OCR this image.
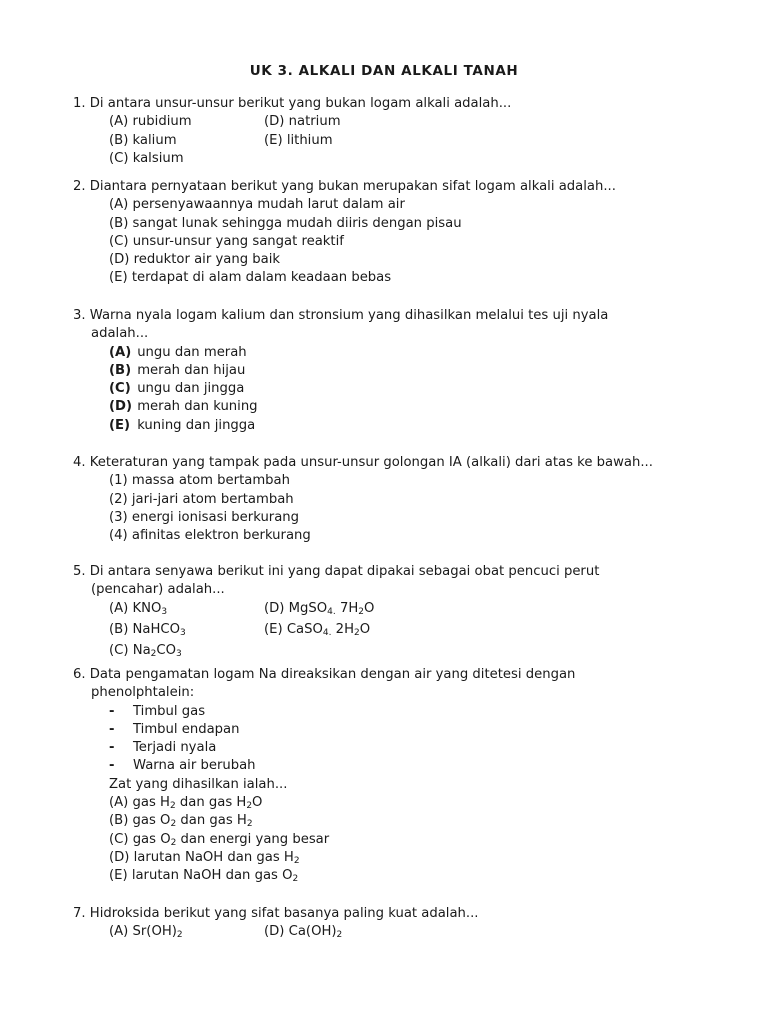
UK 3. ALKALI DAN ALKALI TANAH
1. Di antara unsur-unsur berikut yang bukan logam alkali adalah...
(A) rubidium	(D) natrium
(B) kalium	(E) lithium
(C) kalsium
2. Diantara pernyataan berikut yang bukan merupakan sifat logam alkali adalah...
(A) persenyawaannya mudah larut dalam air
(B) sangat lunak sehingga mudah diiris dengan pisau
(C) unsur-unsur yang sangat reaktif
(D) reduktor air yang baik
(E) terdapat di alam dalam keadaan bebas
3. Warna nyala logam kalium dan stronsium yang dihasilkan melalui tes uji nyala
adalah...
(A) ungu dan merah
(B) merah dan hijau
(C) ungu dan jingga
(D) merah dan kuning
(E) kuning dan jingga
4. Keteraturan yang tampak pada unsur-unsur golongan IA (alkali) dari atas ke bawah...
(1) massa atom bertambah
(2) jari-jari atom bertambah
(3) energi ionisasi berkurang
(4) afinitas elektron berkurang
5. Di antara senyawa berikut ini yang dapat dipakai sebagai obat pencuci perut
(pencahar) adalah...
(A) $KNO_3$	(D) MgSO$_4$. $7H_2O$
(B) NaHCO$_3$	(E) CaSO$_4$. $2H_2O$
(C) $Na_2CO_3$
6. Data pengamatan logam Na direaksikan dengan air yang ditetesi dengan
phenolphtalein:
-	Timbul gas
-	Timbul endapan
-	Terjadi nyala
-	Warna air berubah
Zat yang dihasilkan ialah...
(A) gas $H_2$ dan gas $H_2O$
(B) gas $O_2$ dan gas $H_2$
(C) gas $O_2$ dan energi yang besar
(D) larutan NaOH dan gas $H_2$
(E) larutan NaOH dan gas $O_2$
7. Hidroksida berikut yang sifat basanya paling kuat adalah...
(A) $Sr(OH)_2$	(D) $Ca(OH)_2$
